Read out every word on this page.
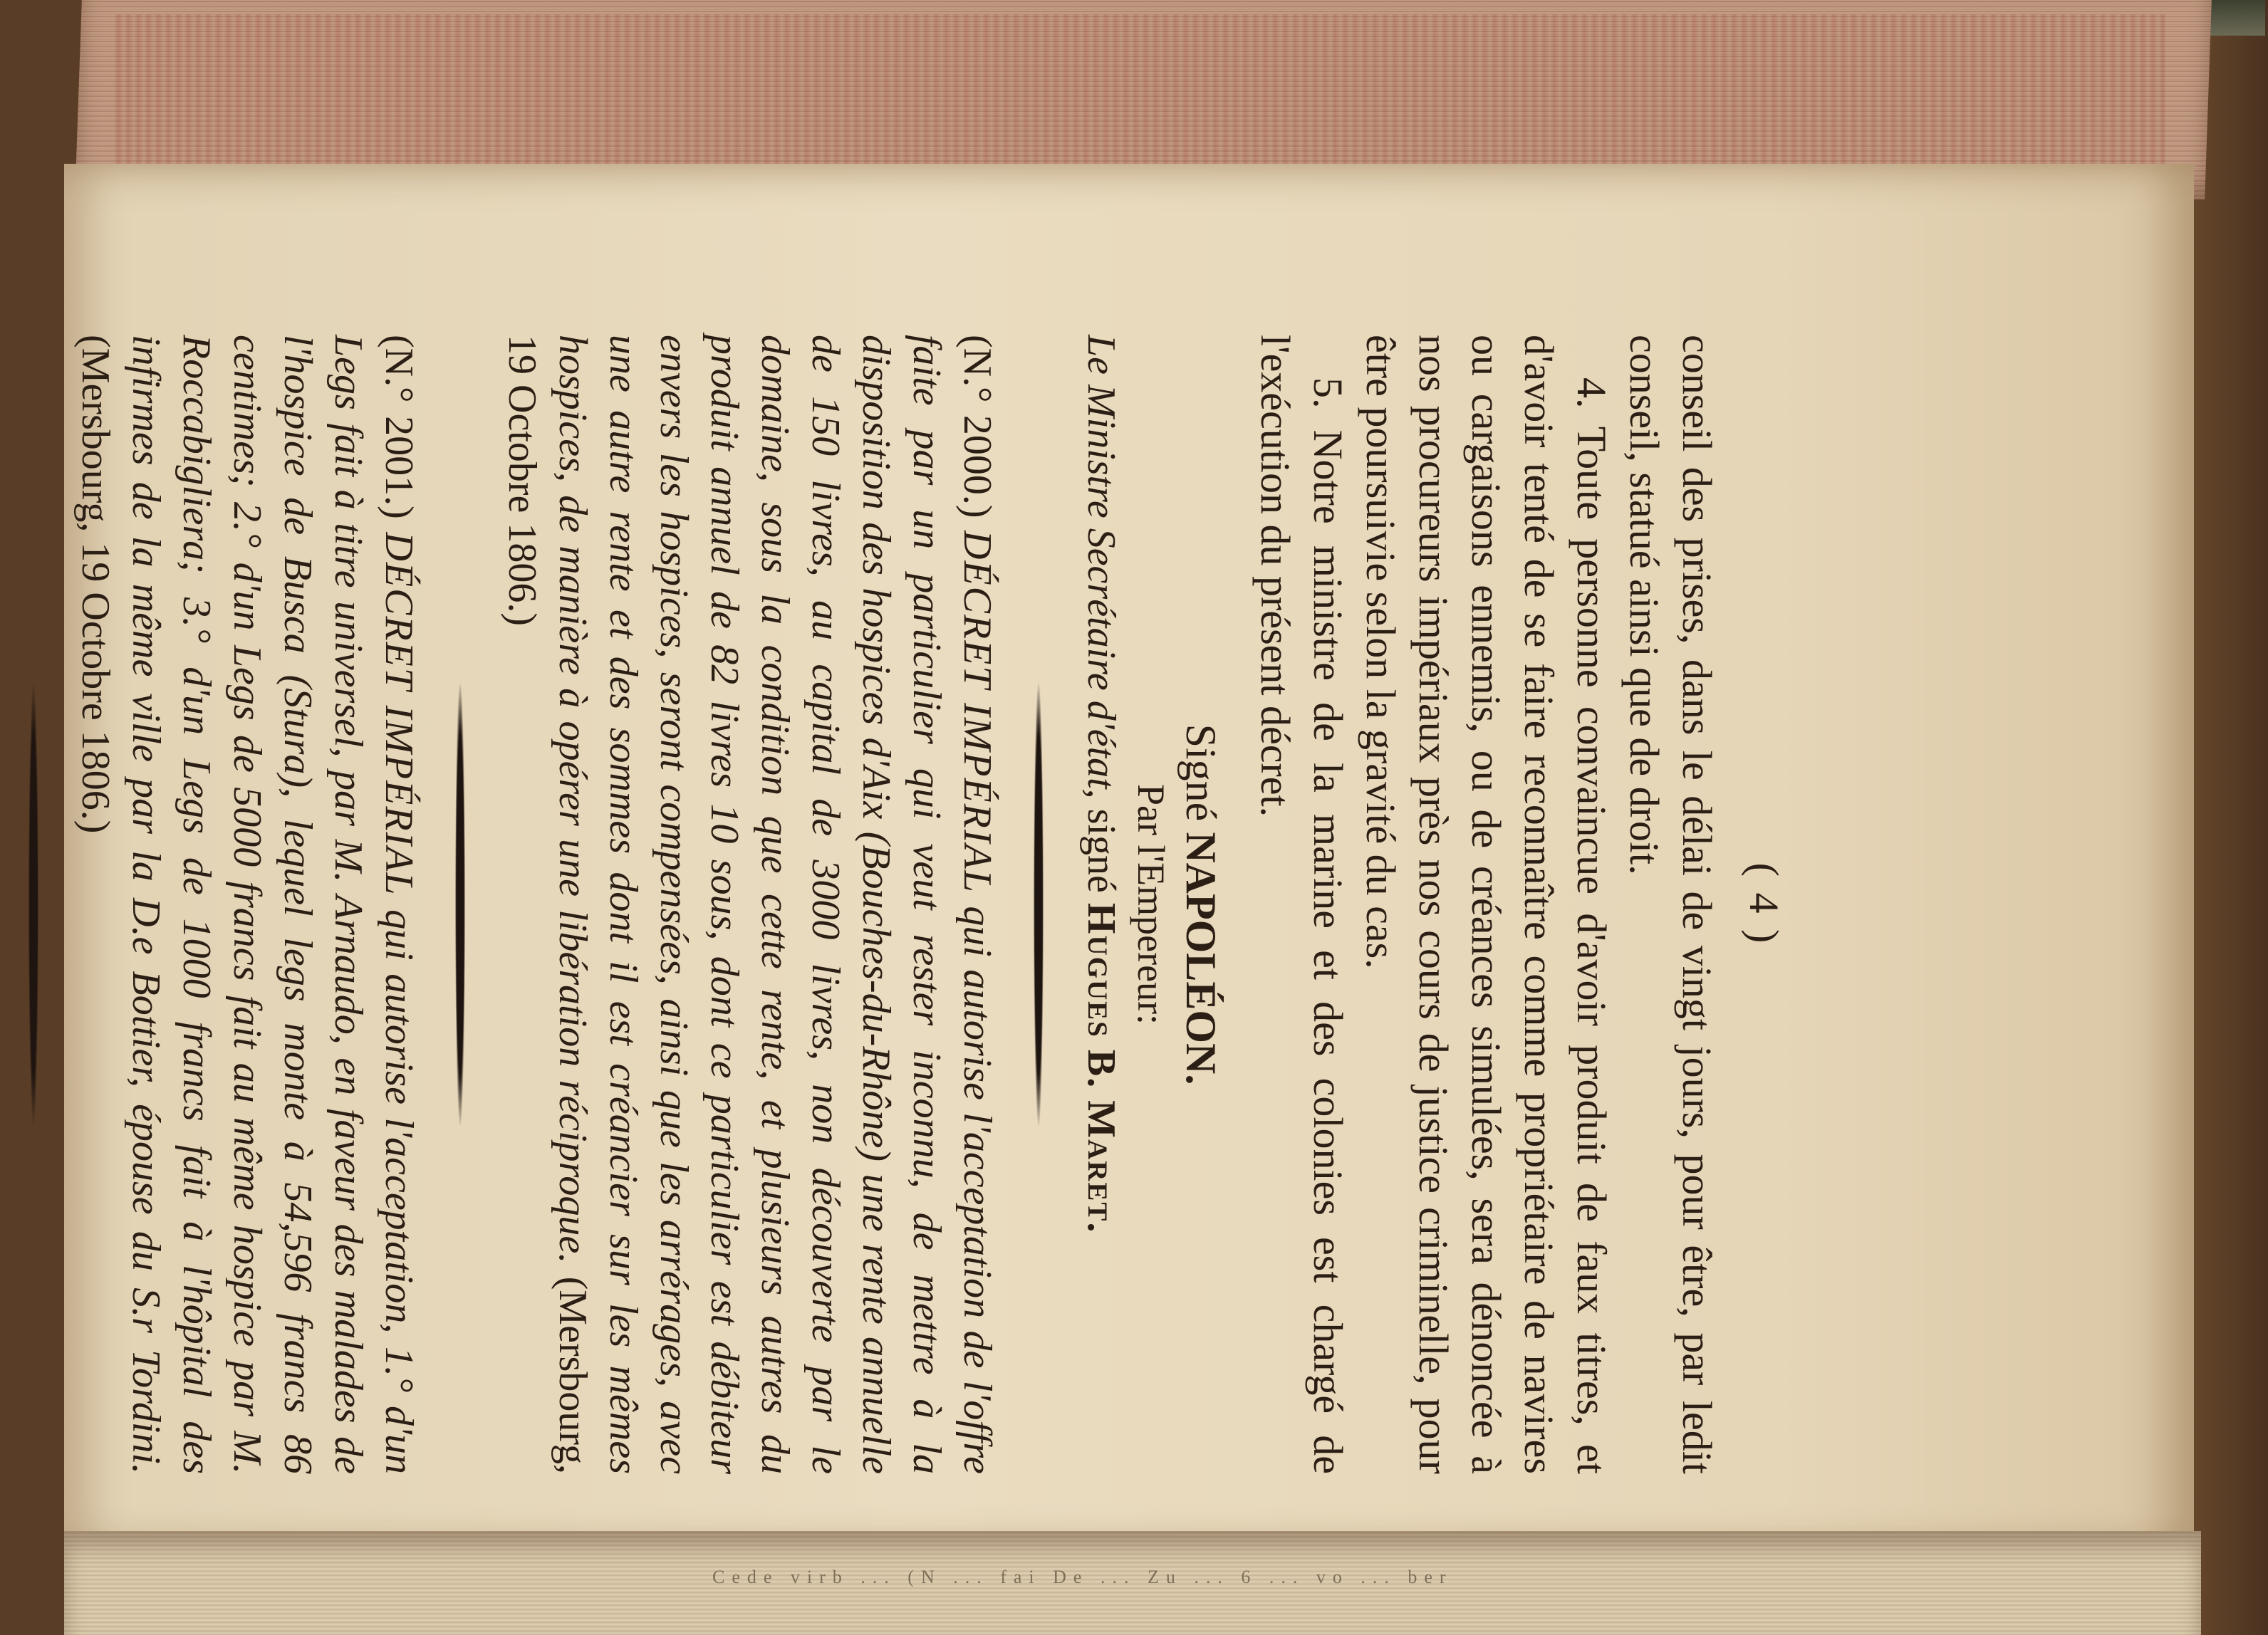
Cede virb ... (N ... fai De ... Zu ... 6 ... vo ... ber
( 4 )

conseil des prises, dans le délai de vingt jours, pour être, par ledit conseil, statué ainsi que de droit.

4. Toute personne convaincue d'avoir produit de faux titres, et d'avoir tenté de se faire reconnaître comme propriétaire de navires ou cargaisons ennemis, ou de créances simulées, sera dénoncée à nos procureurs impériaux près nos cours de justice criminelle, pour être poursuivie selon la gravité du cas.

5. Notre ministre de la marine et des colonies est chargé de l'exécution du présent décret.

Signé NAPOLÉON.

Par l'Empereur:

Le Ministre Secrétaire d'état, signé Hugues B. Maret.

(N.° 2000.) DÉCRET IMPÉRIAL qui autorise l'acceptation de l'offre faite par un particulier qui veut rester inconnu, de mettre à la disposition des hospices d'Aix (Bouches-du-Rhône) une rente annuelle de 150 livres, au capital de 3000 livres, non découverte par le domaine, sous la condition que cette rente, et plusieurs autres du produit annuel de 82 livres 10 sous, dont ce particulier est débiteur envers les hospices, seront compensées, ainsi que les arrérages, avec une autre rente et des sommes dont il est créancier sur les mêmes hospices, de manière à opérer une libération réciproque. (Mersbourg, 19 Octobre 1806.)

(N.° 2001.) DÉCRET IMPÉRIAL qui autorise l'acceptation, 1.° d'un Legs fait à titre universel, par M. Arnaudo, en faveur des malades de l'hospice de Busca (Stura), lequel legs monte à 54,596 francs 86 centimes; 2.° d'un Legs de 5000 francs fait au même hospice par M. Roccabigliera; 3.° d'un Legs de 1000 francs fait à l'hôpital des infirmes de la même ville par la D.e Bottier, épouse du S.r Tordini. (Mersbourg, 19 Octobre 1806.)
